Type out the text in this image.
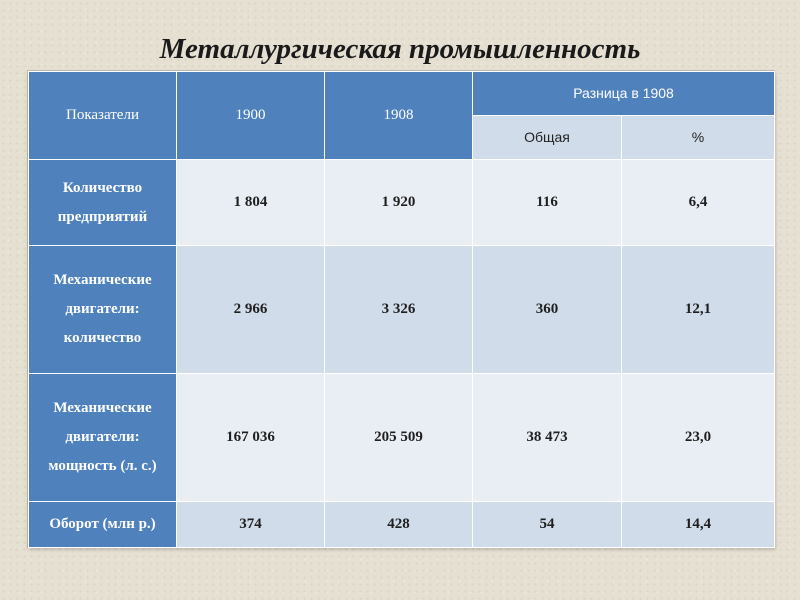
Металлургическая промышленность
Показатели	1900	1908	Разница в 1908	
			Общая	%

Количество
предприятий	1 804	1 920	116	6,4

Механические
двигатели:
количество	2 966	3 326	360	12,1

Механические
двигатели:
мощность (л. с.)	167 036	205 509	38 473	23,0

Оборот (млн р.)	374	428	54	14,4
